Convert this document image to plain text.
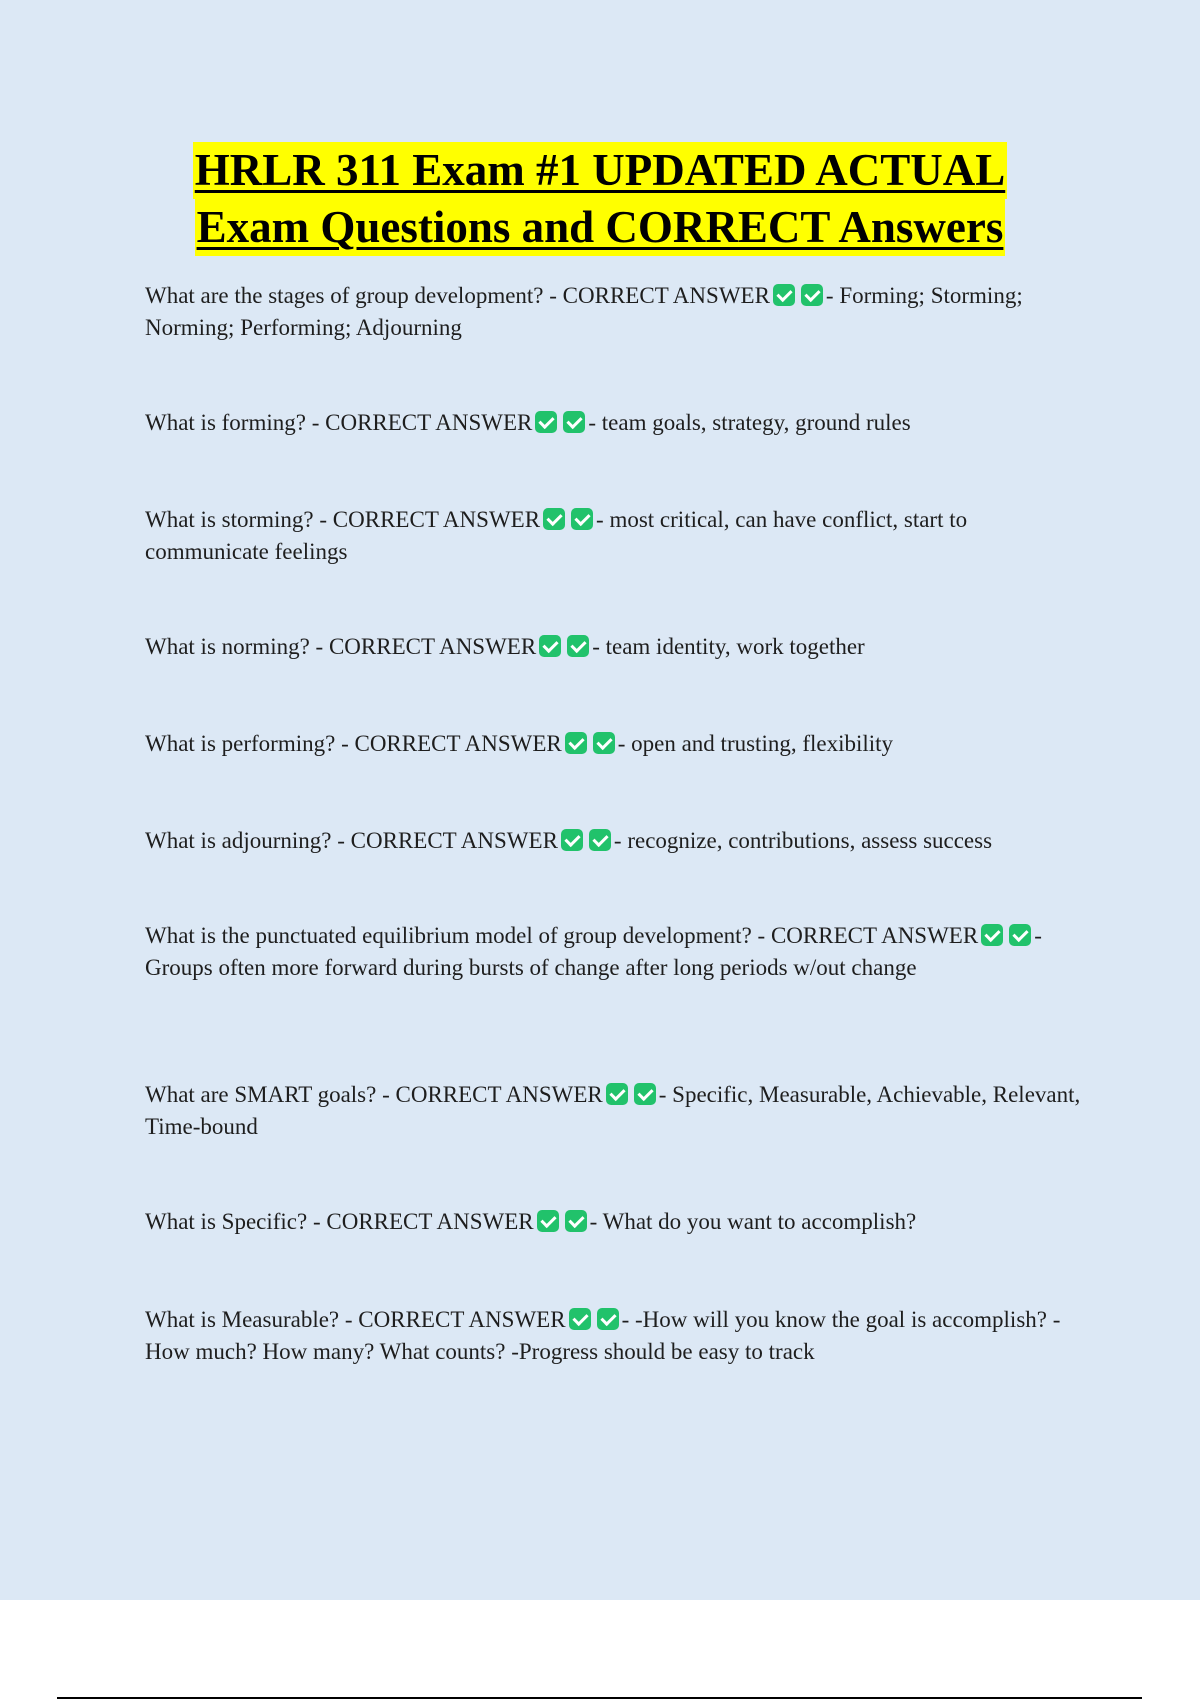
HRLR 311 Exam #1 UPDATED ACTUAL
Exam Questions and CORRECT Answers
What are the stages of group development? - CORRECT ANSWER - Forming; Storming; Norming; Performing; Adjourning
What is forming? - CORRECT ANSWER - team goals, strategy, ground rules
What is storming? - CORRECT ANSWER - most critical, can have conflict, start to communicate feelings
What is norming? - CORRECT ANSWER - team identity, work together
What is performing? - CORRECT ANSWER - open and trusting, flexibility
What is adjourning? - CORRECT ANSWER - recognize, contributions, assess success
What is the punctuated equilibrium model of group development? - CORRECT ANSWER - Groups often more forward during bursts of change after long periods w/out change
What are SMART goals? - CORRECT ANSWER - Specific, Measurable, Achievable, Relevant, Time-bound
What is Specific? - CORRECT ANSWER - What do you want to accomplish?
What is Measurable? - CORRECT ANSWER - -How will you know the goal is accomplish? -How much? How many? What counts? -Progress should be easy to track
